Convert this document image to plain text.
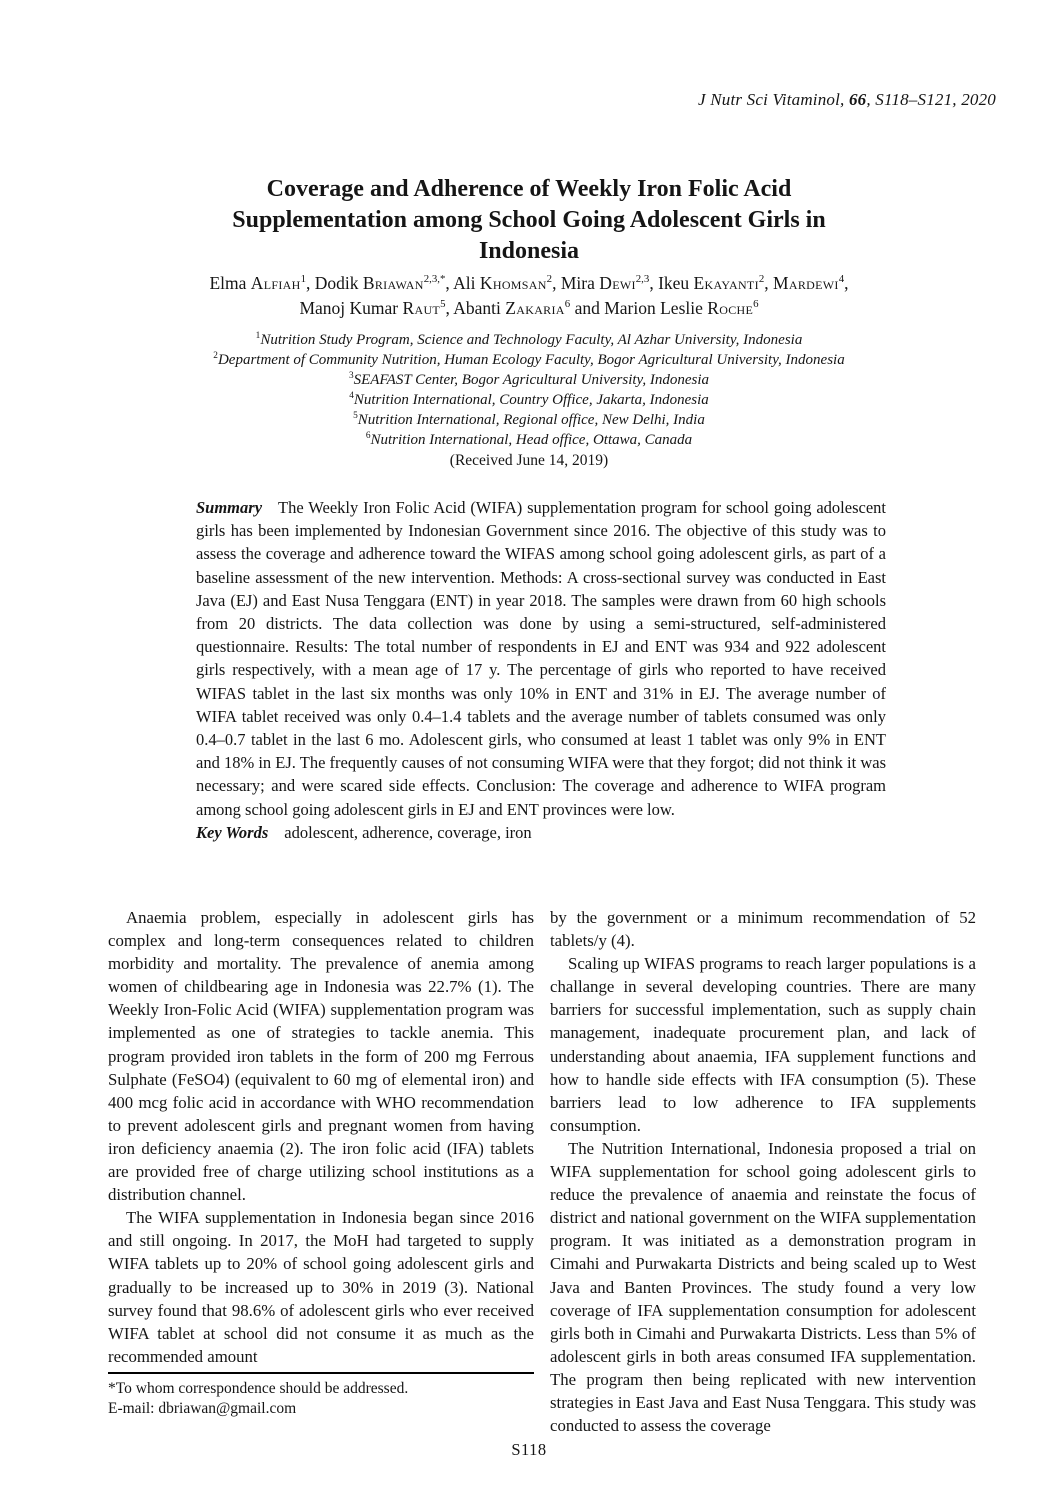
J Nutr Sci Vitaminol, 66, S118–S121, 2020
Coverage and Adherence of Weekly Iron Folic Acid
Supplementation among School Going Adolescent Girls in
Indonesia
Elma Alfiah$^1$, Dodik Briawan$^{2,3,*}$, Ali Khomsan$^2$, Mira Dewi$^{2,3}$, Ikeu Ekayanti$^2$, Mardewi$^4$,
Manoj Kumar Raut$^5$, Abanti Zakaria$^6$ and Marion Leslie Roche$^6$
$^1$Nutrition Study Program, Science and Technology Faculty, Al Azhar University, Indonesia
$^2$Department of Community Nutrition, Human Ecology Faculty, Bogor Agricultural University, Indonesia
$^3$SEAFAST Center, Bogor Agricultural University, Indonesia
$^4$Nutrition International, Country Office, Jakarta, Indonesia
$^5$Nutrition International, Regional office, New Delhi, India
$^6$Nutrition International, Head office, Ottawa, Canada
(Received June 14, 2019)

Summary The Weekly Iron Folic Acid (WIFA) supplementation program for school going adolescent girls has been implemented by Indonesian Government since 2016. The objective of this study was to assess the coverage and adherence toward the WIFAS among school going adolescent girls, as part of a baseline assessment of the new intervention. Methods: A cross-sectional survey was conducted in East Java (EJ) and East Nusa Tenggara (ENT) in year 2018. The samples were drawn from 60 high schools from 20 districts. The data collection was done by using a semi-structured, self-administered questionnaire. Results: The total number of respondents in EJ and ENT was 934 and 922 adolescent girls respectively, with a mean age of 17 y. The percentage of girls who reported to have received WIFAS tablet in the last six months was only 10% in ENT and 31% in EJ. The average number of WIFA tablet received was only 0.4–1.4 tablets and the average number of tablets consumed was only 0.4–0.7 tablet in the last 6 mo. Adolescent girls, who consumed at least 1 tablet was only 9% in ENT and 18% in EJ. The frequently causes of not consuming WIFA were that they forgot; did not think it was necessary; and were scared side effects. Conclusion: The coverage and adherence to WIFA program among school going adolescent girls in EJ and ENT provinces were low.

Key Words adolescent, adherence, coverage, iron

Anaemia problem, especially in adolescent girls has complex and long-term consequences related to children morbidity and mortality. The prevalence of anemia among women of childbearing age in Indonesia was 22.7% (1). The Weekly Iron-Folic Acid (WIFA) supplementation program was implemented as one of strategies to tackle anemia. This program provided iron tablets in the form of 200 mg Ferrous Sulphate (FeSO4) (equivalent to 60 mg of elemental iron) and 400 mcg folic acid in accordance with WHO recommendation to prevent adolescent girls and pregnant women from having iron deficiency anaemia (2). The iron folic acid (IFA) tablets are provided free of charge utilizing school institutions as a distribution channel.

The WIFA supplementation in Indonesia began since 2016 and still ongoing. In 2017, the MoH had targeted to supply WIFA tablets up to 20% of school going adolescent girls and gradually to be increased up to 30% in 2019 (3). National survey found that 98.6% of adolescent girls who ever received WIFA tablet at school did not consume it as much as the recommended amount

by the government or a minimum recommendation of 52 tablets/y (4).

Scaling up WIFAS programs to reach larger populations is a challange in several developing countries. There are many barriers for successful implementation, such as supply chain management, inadequate procurement plan, and lack of understanding about anaemia, IFA supplement functions and how to handle side effects with IFA consumption (5). These barriers lead to low adherence to IFA supplements consumption.

The Nutrition International, Indonesia proposed a trial on WIFA supplementation for school going adolescent girls to reduce the prevalence of anaemia and reinstate the focus of district and national government on the WIFA supplementation program. It was initiated as a demonstration program in Cimahi and Purwakarta Districts and being scaled up to West Java and Banten Provinces. The study found a very low coverage of IFA supplementation consumption for adolescent girls both in Cimahi and Purwakarta Districts. Less than 5% of adolescent girls in both areas consumed IFA supplementation. The program then being replicated with new intervention strategies in East Java and East Nusa Tenggara. This study was conducted to assess the coverage

*To whom correspondence should be addressed.
E-mail: dbriawan@gmail.com
S118
